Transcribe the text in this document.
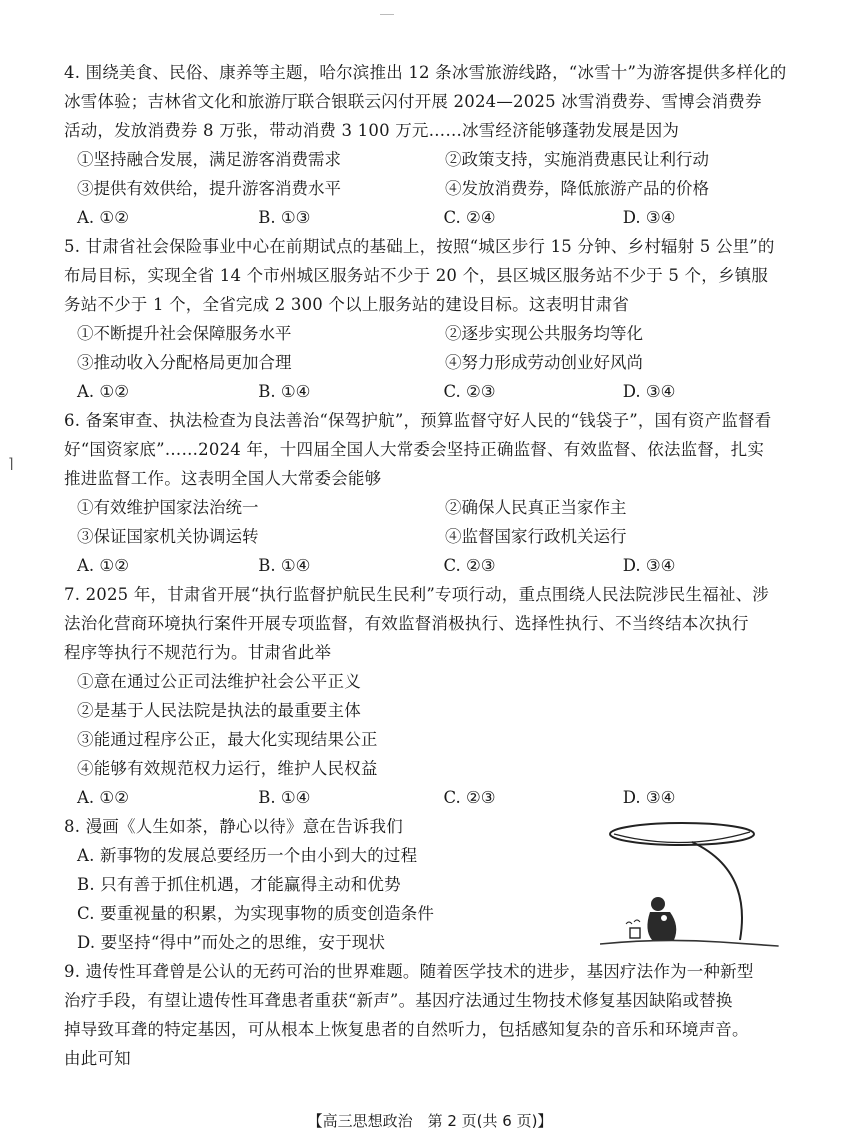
⌉
4. 围绕美食、民俗、康养等主题，哈尔滨推出 12 条冰雪旅游线路，“冰雪十”为游客提供多样化的
冰雪体验；吉林省文化和旅游厅联合银联云闪付开展 2024—2025 冰雪消费券、雪博会消费券
活动，发放消费券 8 万张，带动消费 3 100 万元……冰雪经济能够蓬勃发展是因为
①坚持融合发展，满足游客消费需求	②政策支持，实施消费惠民让利行动
③提供有效供给，提升游客消费水平	④发放消费券，降低旅游产品的价格
A. ①②	B. ①③	C. ②④	D. ③④
5. 甘肃省社会保险事业中心在前期试点的基础上，按照“城区步行 15 分钟、乡村辐射 5 公里”的
布局目标，实现全省 14 个市州城区服务站不少于 20 个，县区城区服务站不少于 5 个，乡镇服
务站不少于 1 个，全省完成 2 300 个以上服务站的建设目标。这表明甘肃省
①不断提升社会保障服务水平	②逐步实现公共服务均等化
③推动收入分配格局更加合理	④努力形成劳动创业好风尚
A. ①②	B. ①④	C. ②③	D. ③④
6. 备案审查、执法检查为良法善治“保驾护航”，预算监督守好人民的“钱袋子”，国有资产监督看
好“国资家底”……2024 年，十四届全国人大常委会坚持正确监督、有效监督、依法监督，扎实
推进监督工作。这表明全国人大常委会能够
①有效维护国家法治统一	②确保人民真正当家作主
③保证国家机关协调运转	④监督国家行政机关运行
A. ①②	B. ①④	C. ②③	D. ③④
7. 2025 年，甘肃省开展“执行监督护航民生民利”专项行动，重点围绕人民法院涉民生福祉、涉
法治化营商环境执行案件开展专项监督，有效监督消极执行、选择性执行、不当终结本次执行
程序等执行不规范行为。甘肃省此举
①意在通过公正司法维护社会公平正义
②是基于人民法院是执法的最重要主体
③能通过程序公正，最大化实现结果公正
④能够有效规范权力运行，维护人民权益
A. ①②	B. ①④	C. ②③	D. ③④
8. 漫画《人生如茶，静心以待》意在告诉我们
A. 新事物的发展总要经历一个由小到大的过程
B. 只有善于抓住机遇，才能赢得主动和优势
C. 要重视量的积累，为实现事物的质变创造条件
D. 要坚持“得中”而处之的思维，安于现状
9. 遗传性耳聋曾是公认的无药可治的世界难题。随着医学技术的进步，基因疗法作为一种新型
治疗手段，有望让遗传性耳聋患者重获“新声”。基因疗法通过生物技术修复基因缺陷或替换
掉导致耳聋的特定基因，可从根本上恢复患者的自然听力，包括感知复杂的音乐和环境声音。
由此可知
【高三思想政治　第 2 页(共 6 页)】
